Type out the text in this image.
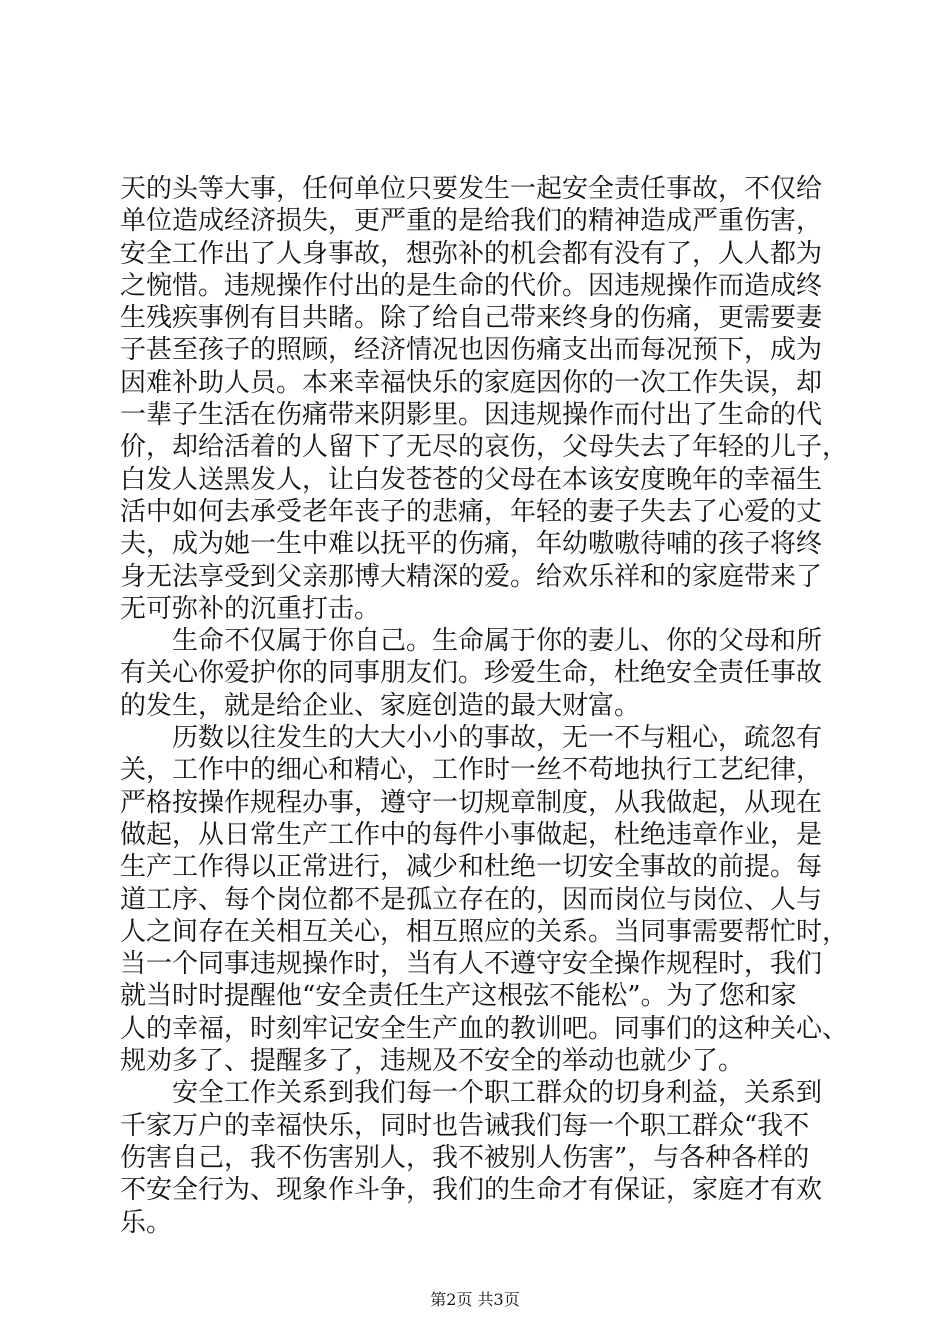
天的头等大事，任何单位只要发生一起安全责任事故，不仅给
单位造成经济损失，更严重的是给我们的精神造成严重伤害，
安全工作出了人身事故，想弥补的机会都有没有了，人人都为
之惋惜。违规操作付出的是生命的代价。因违规操作而造成终
生残疾事例有目共睹。除了给自己带来终身的伤痛，更需要妻
子甚至孩子的照顾，经济情况也因伤痛支出而每况预下，成为
因难补助人员。本来幸福快乐的家庭因你的一次工作失误，却
一辈子生活在伤痛带来阴影里。因违规操作而付出了生命的代
价，却给活着的人留下了无尽的哀伤，父母失去了年轻的儿子，
白发人送黑发人，让白发苍苍的父母在本该安度晚年的幸福生
活中如何去承受老年丧子的悲痛，年轻的妻子失去了心爱的丈
夫，成为她一生中难以抚平的伤痛，年幼嗷嗷待哺的孩子将终
身无法享受到父亲那博大精深的爱。给欢乐祥和的家庭带来了
无可弥补的沉重打击。
　　生命不仅属于你自己。生命属于你的妻儿、你的父母和所
有关心你爱护你的同事朋友们。珍爱生命，杜绝安全责任事故
的发生，就是给企业、家庭创造的最大财富。
　　历数以往发生的大大小小的事故，无一不与粗心，疏忽有
关，工作中的细心和精心，工作时一丝不苟地执行工艺纪律，
严格按操作规程办事，遵守一切规章制度，从我做起，从现在
做起，从日常生产工作中的每件小事做起，杜绝违章作业，是
生产工作得以正常进行，减少和杜绝一切安全事故的前提。每
道工序、每个岗位都不是孤立存在的，因而岗位与岗位、人与
人之间存在关相互关心，相互照应的关系。当同事需要帮忙时，
当一个同事违规操作时，当有人不遵守安全操作规程时，我们
就当时时提醒他“安全责任生产这根弦不能松”。为了您和家
人的幸福，时刻牢记安全生产血的教训吧。同事们的这种关心、
规劝多了、提醒多了，违规及不安全的举动也就少了。
　　安全工作关系到我们每一个职工群众的切身利益，关系到
千家万户的幸福快乐，同时也告诫我们每一个职工群众“我不
伤害自己，我不伤害别人，我不被别人伤害”，与各种各样的
不安全行为、现象作斗争，我们的生命才有保证，家庭才有欢
乐。
第2页 共3页
